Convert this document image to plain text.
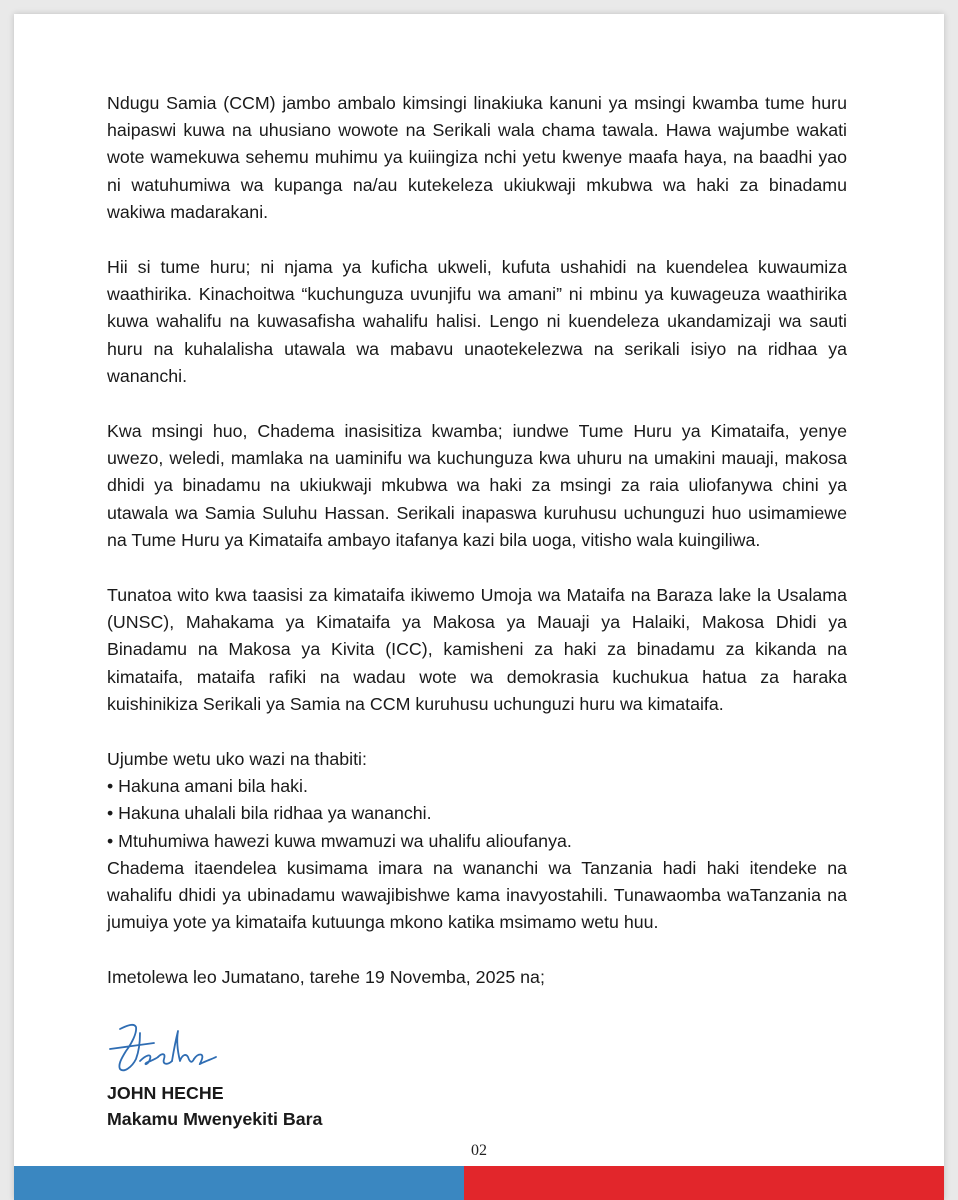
Ndugu Samia (CCM) jambo ambalo kimsingi linakiuka kanuni ya msingi kwamba tume huru haipaswi kuwa na uhusiano wowote na Serikali wala chama tawala. Hawa wajumbe wakati wote wamekuwa sehemu muhimu ya kuiingiza nchi yetu kwenye maafa haya, na baadhi yao ni watuhumiwa wa kupanga na/au kutekeleza ukiukwaji mkubwa wa haki za binadamu wakiwa madarakani.

Hii si tume huru; ni njama ya kuficha ukweli, kufuta ushahidi na kuendelea kuwaumiza waathirika. Kinachoitwa “kuchunguza uvunjifu wa amani” ni mbinu ya kuwageuza waathirika kuwa wahalifu na kuwasafisha wahalifu halisi. Lengo ni kuendeleza ukandamizaji wa sauti huru na kuhalalisha utawala wa mabavu unaotekelezwa na serikali isiyo na ridhaa ya wananchi.

Kwa msingi huo, Chadema inasisitiza kwamba; iundwe Tume Huru ya Kimataifa, yenye uwezo, weledi, mamlaka na uaminifu wa kuchunguza kwa uhuru na umakini mauaji, makosa dhidi ya binadamu na ukiukwaji mkubwa wa haki za msingi za raia uliofanywa chini ya utawala wa Samia Suluhu Hassan. Serikali inapaswa kuruhusu uchunguzi huo usimamiewe na Tume Huru ya Kimataifa ambayo itafanya kazi bila uoga, vitisho wala kuingiliwa.

Tunatoa wito kwa taasisi za kimataifa ikiwemo Umoja wa Mataifa na Baraza lake la Usalama (UNSC), Mahakama ya Kimataifa ya Makosa ya Mauaji ya Halaiki, Makosa Dhidi ya Binadamu na Makosa ya Kivita (ICC), kamisheni za haki za binadamu za kikanda na kimataifa, mataifa rafiki na wadau wote wa demokrasia kuchukua hatua za haraka kuishinikiza Serikali ya Samia na CCM kuruhusu uchunguzi huru wa kimataifa.

Ujumbe wetu uko wazi na thabiti:

• Hakuna amani bila haki.
• Hakuna uhalali bila ridhaa ya wananchi.
• Mtuhumiwa hawezi kuwa mwamuzi wa uhalifu alioufanya.

Chadema itaendelea kusimama imara na wananchi wa Tanzania hadi haki itendeke na wahalifu dhidi ya ubinadamu wawajibishwe kama inavyostahili. Tunawaomba waTanzania na jumuiya yote ya kimataifa kutuunga mkono katika msimamo wetu huu.

Imetolewa leo Jumatano, tarehe 19 Novemba, 2025 na;

JOHN HECHE
Makamu Mwenyekiti Bara
02
